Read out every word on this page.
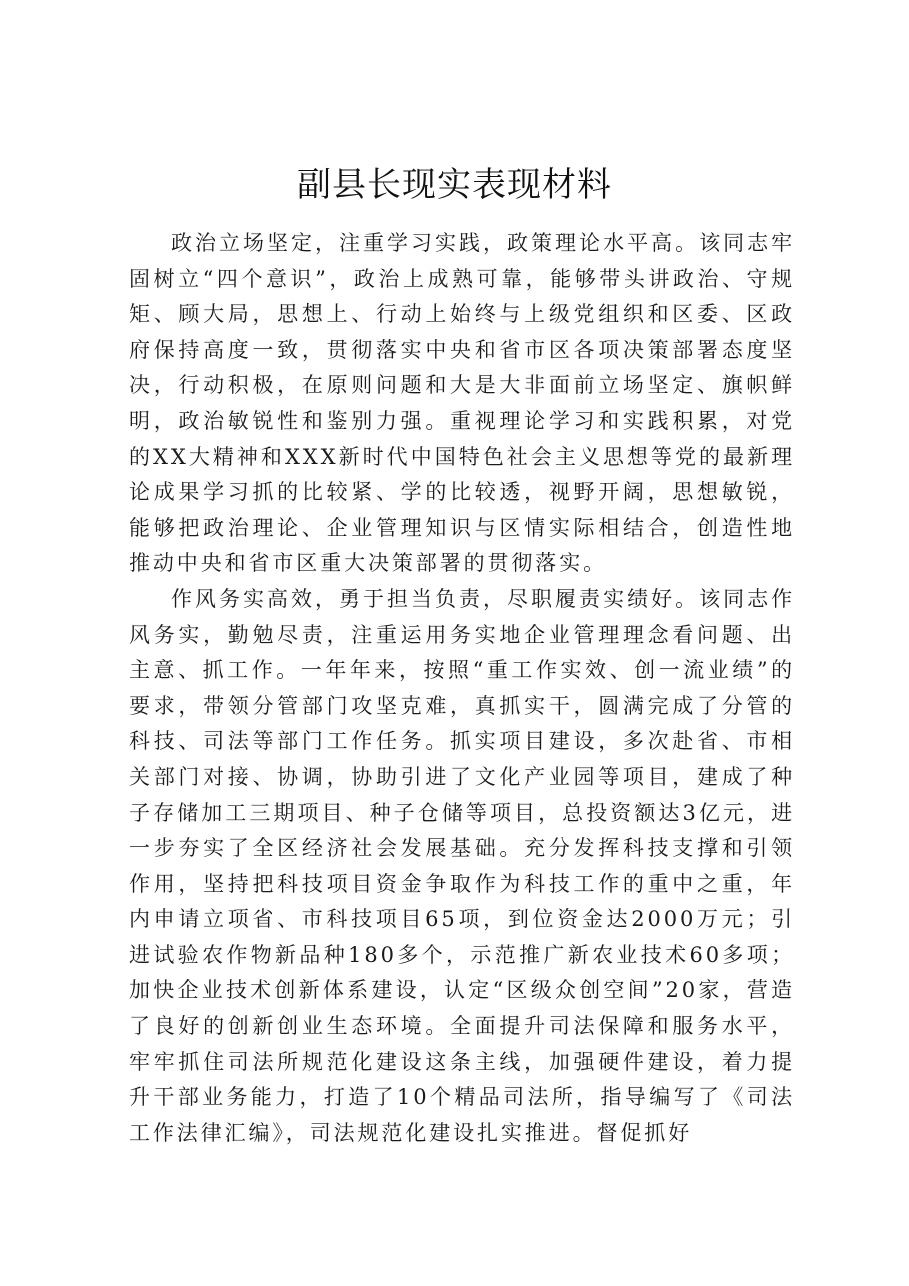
副县长现实表现材料

政治立场坚定，注重学习实践，政策理论水平高。该同志牢固树立“四个意识”，政治上成熟可靠，能够带头讲政治、守规矩、顾大局，思想上、行动上始终与上级党组织和区委、区政府保持高度一致，贯彻落实中央和省市区各项决策部署态度坚决，行动积极，在原则问题和大是大非面前立场坚定、旗帜鲜明，政治敏锐性和鉴别力强。重视理论学习和实践积累，对党的XX大精神和XXX新时代中国特色社会主义思想等党的最新理论成果学习抓的比较紧、学的比较透，视野开阔，思想敏锐，能够把政治理论、企业管理知识与区情实际相结合，创造性地推动中央和省市区重大决策部署的贯彻落实。

作风务实高效，勇于担当负责，尽职履责实绩好。该同志作风务实，勤勉尽责，注重运用务实地企业管理理念看问题、出主意、抓工作。一年年来，按照“重工作实效、创一流业绩”的要求，带领分管部门攻坚克难，真抓实干，圆满完成了分管的科技、司法等部门工作任务。抓实项目建设，多次赴省、市相关部门对接、协调，协助引进了文化产业园等项目，建成了种子存储加工三期项目、种子仓储等项目，总投资额达3亿元，进一步夯实了全区经济社会发展基础。充分发挥科技支撑和引领作用，坚持把科技项目资金争取作为科技工作的重中之重，年内申请立项省、市科技项目65项，到位资金达2000万元；引进试验农作物新品种180多个，示范推广新农业技术60多项；加快企业技术创新体系建设，认定“区级众创空间”20家，营造了良好的创新创业生态环境。全面提升司法保障和服务水平，牢牢抓住司法所规范化建设这条主线，加强硬件建设，着力提升干部业务能力，打造了10个精品司法所，指导编写了《司法工作法律汇编》，司法规范化建设扎实推进。督促抓好
